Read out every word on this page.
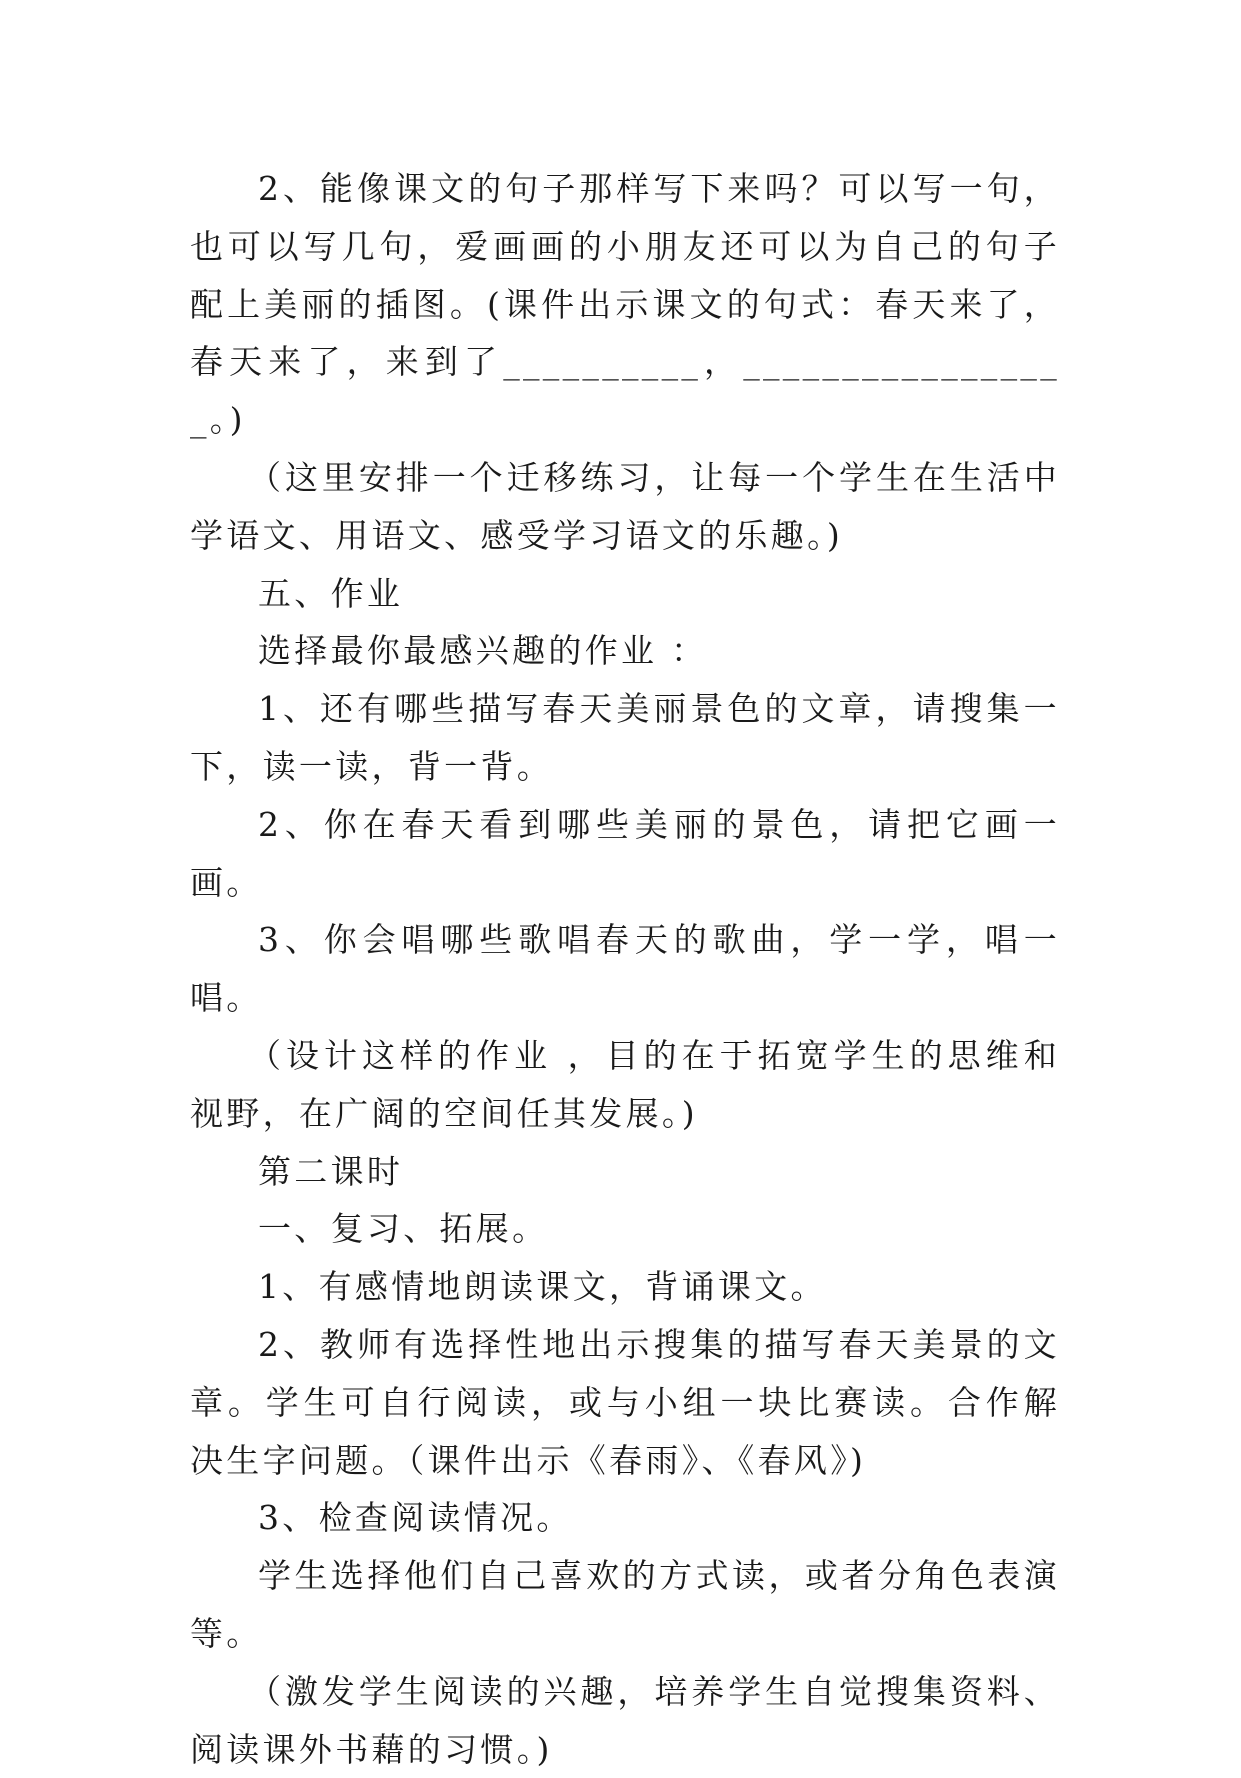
2、能像课文的句子那样写下来吗？可以写一句，也可以写几句，爱画画的小朋友还可以为自己的句子配上美丽的插图。(课件出示课文的句式：春天来了，春天来了，来到了__________，_________________。)

（这里安排一个迁移练习，让每一个学生在生活中学语文、用语文、感受学习语文的乐趣。)

五、作业

选择最你最感兴趣的作业 ：

1、还有哪些描写春天美丽景色的文章，请搜集一下，读一读，背一背。

2、你在春天看到哪些美丽的景色，请把它画一画。

3、你会唱哪些歌唱春天的歌曲，学一学，唱一唱。

（设计这样的作业 ，目的在于拓宽学生的思维和视野，在广阔的空间任其发展。)

第二课时

一、复习、拓展。

1、有感情地朗读课文，背诵课文。

2、教师有选择性地出示搜集的描写春天美景的文章。学生可自行阅读，或与小组一块比赛读。合作解决生字问题。（课件出示《春雨》、《春风》)

3、检查阅读情况。

学生选择他们自己喜欢的方式读，或者分角色表演等。

（激发学生阅读的兴趣，培养学生自觉搜集资料、阅读课外书藉的习惯。)
